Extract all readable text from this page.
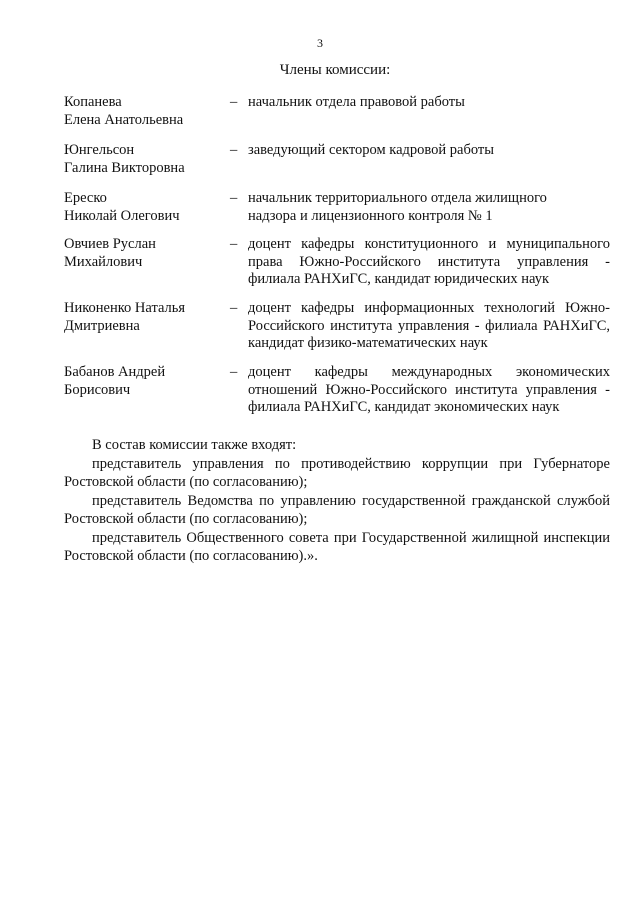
3
Члены комиссии:
Копанева
Елена Анатольевна
– начальник отдела правовой работы
Юнгельсон
Галина Викторовна
– заведующий сектором кадровой работы
Ереско
Николай Олегович
– начальник территориального отдела жилищного
надзора и лицензионного контроля № 1
Овчиев Руслан
Михайлович
– доцент кафедры конституционного и муниципального права Южно-Российского института управления - филиала РАНХиГС, кандидат юридических наук
Никоненко Наталья
Дмитриевна
– доцент кафедры информационных технологий Южно-Российского института управления - филиала РАНХиГС, кандидат физико-математических наук
Бабанов Андрей
Борисович
– доцент кафедры международных экономических отношений Южно-Российского института управления - филиала РАНХиГС, кандидат экономических наук

В состав комиссии также входят:

представитель управления по противодействию коррупции при Губернаторе Ростовской области (по согласованию);

представитель Ведомства по управлению государственной гражданской службой Ростовской области (по согласованию);

представитель Общественного совета при Государственной жилищной инспекции Ростовской области (по согласованию).».
